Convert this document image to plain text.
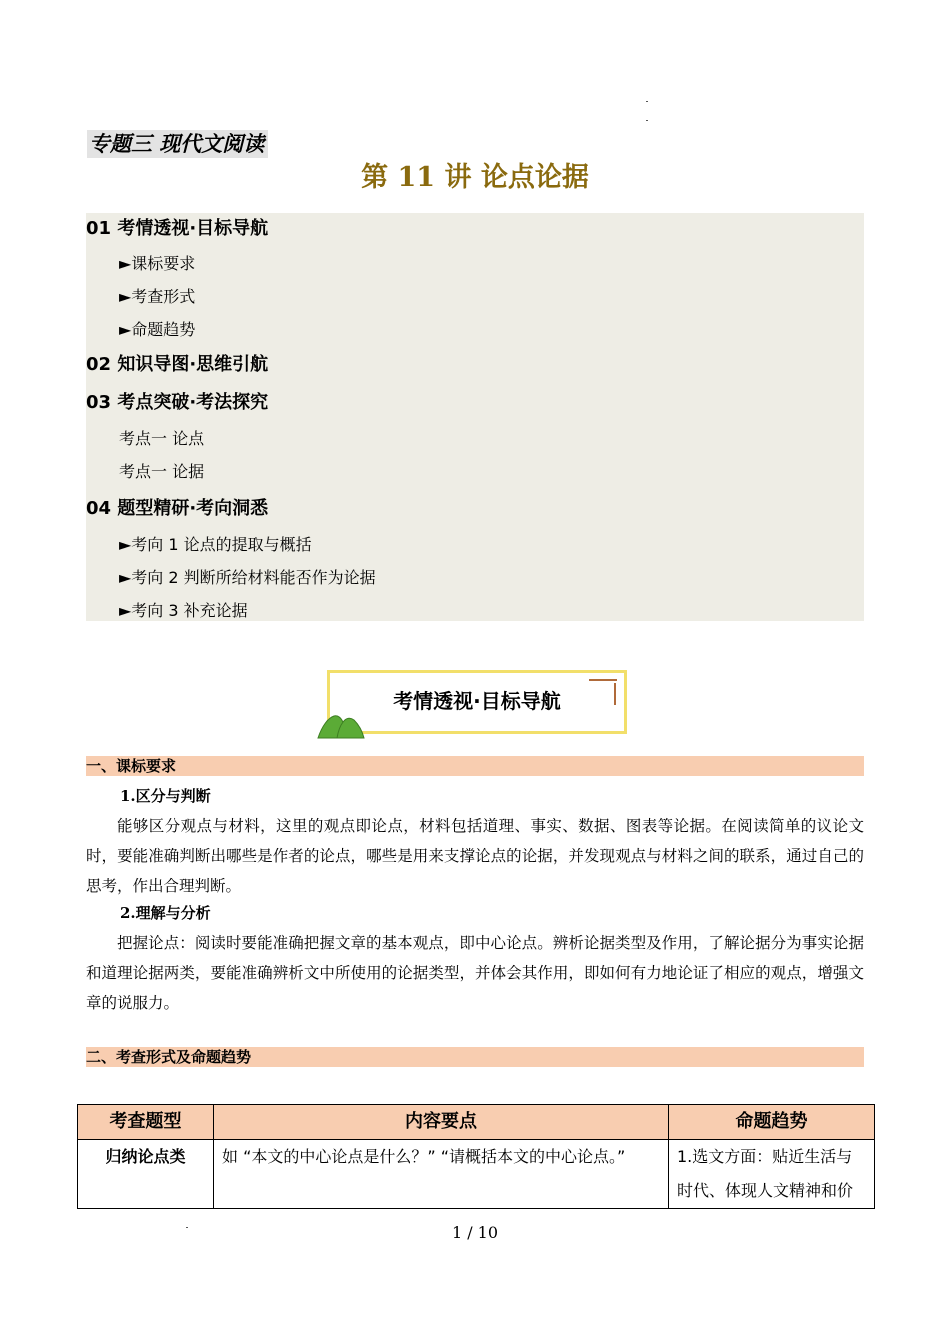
专题三 现代文阅读
第 11 讲 论点论据
01 考情透视·目标导航
►课标要求
►考查形式
►命题趋势
02 知识导图·思维引航
03 考点突破·考法探究
考点一 论点
考点一 论据
04 题型精研·考向洞悉
►考向 1 论点的提取与概括
►考向 2 判断所给材料能否作为论据
►考向 3 补充论据
考情透视·目标导航
一、课标要求
1.区分与判断

能够区分观点与材料，这里的观点即论点，材料包括道理、事实、数据、图表等论据。在阅读简单的议论文时，要能准确判断出哪些是作者的论点，哪些是用来支撑论点的论据，并发现观点与材料之间的联系，通过自己的思考，作出合理判断。

2.理解与分析

把握论点：阅读时要能准确把握文章的基本观点，即中心论点。辨析论据类型及作用，了解论据分为事实论据和道理论据两类，要能准确辨析文中所使用的论据类型，并体会其作用，即如何有力地论证了相应的观点，增强文章的说服力。

二、考查形式及命题趋势
考查题型	内容要点	命题趋势
归纳论点类	如 “本文的中心论点是什么？” “请概括本文的中心论点。”	1.选文方面：贴近生活与时代、体现人文精神和价
1 / 10
